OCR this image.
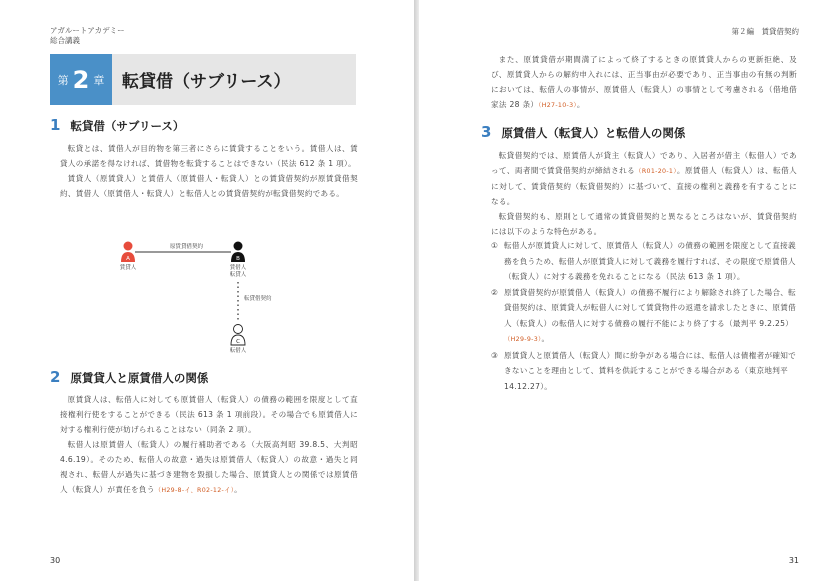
アガルートアカデミー
総合講義
第 2 章 転貸借（サブリース）
1 転貸借（サブリース）

転貸とは、賃借人が目的物を第三者にさらに賃貸することをいう。賃借人は、賃貸人の承諾を得なければ、賃借物を転貸することはできない（民法 612 条 1 項）。

賃貸人（原賃貸人）と賃借人（原賃借人・転貸人）との賃貸借契約が原賃貸借契約、賃借人（原賃借人・転貸人）と転借人との賃貸借契約が転貸借契約である。

A	B
C
原賃貸借契約
賃貸人	賃借人
転貸人
転貸借契約
転借人
2 原賃貸人と原賃借人の関係

原賃貸人は、転借人に対しても原賃借人（転貸人）の債務の範囲を限度として直接権利行使をすることができる（民法 613 条 1 項前段）。その場合でも原賃借人に対する権利行使が妨げられることはない（同条 2 項）。

転借人は原賃借人（転貸人）の履行補助者である（大阪高判昭 39.8.5、大判昭 4.6.19）。そのため、転借人の故意・過失は原賃借人（転貸人）の故意・過失と同視され、転借人が過失に基づき建物を毀損した場合、原賃貸人との関係では原賃借人（転貸人）が責任を負う（H29-8-イ、R02-12-イ）。

30
第２編　賃貸借契約

また、原賃貸借が期間満了によって終了するときの原賃貸人からの更新拒絶、及び、原賃貸人からの解約申入れには、正当事由が必要であり、正当事由の有無の判断においては、転借人の事情が、原賃借人（転貸人）の事情として考慮される（借地借家法 28 条）（H27-10-3）。

3 原賃借人（転貸人）と転借人の関係

転貸借契約では、原賃借人が貸主（転貸人）であり、入居者が借主（転借人）であって、両者間で賃貸借契約が締結される（R01-20-1）。原賃借人（転貸人）は、転借人に対して、賃貸借契約（転貸借契約）に基づいて、直接の権利と義務を有することになる。

転貸借契約も、原則として通常の賃貸借契約と異なるところはないが、賃貸借契約には以下のような特色がある。

① 転借人が原賃貸人に対して、原賃借人（転貸人）の債務の範囲を限度として直接義務を負うため、転借人が原賃貸人に対して義務を履行すれば、その限度で原賃借人（転貸人）に対する義務を免れることになる（民法 613 条 1 項）。
② 原賃貸借契約が原賃借人（転貸人）の債務不履行により解除され終了した場合、転貸借契約は、原賃貸人が転借人に対して賃貸物件の返還を請求したときに、原賃借人（転貸人）の転借人に対する債務の履行不能により終了する（最判平 9.2.25）（H29-9-3）。
③ 原賃貸人と原賃借人（転貸人）間に紛争がある場合には、転借人は債権者が確知できないことを理由として、賃料を供託することができる場合がある（東京地判平 14.12.27）。
31
